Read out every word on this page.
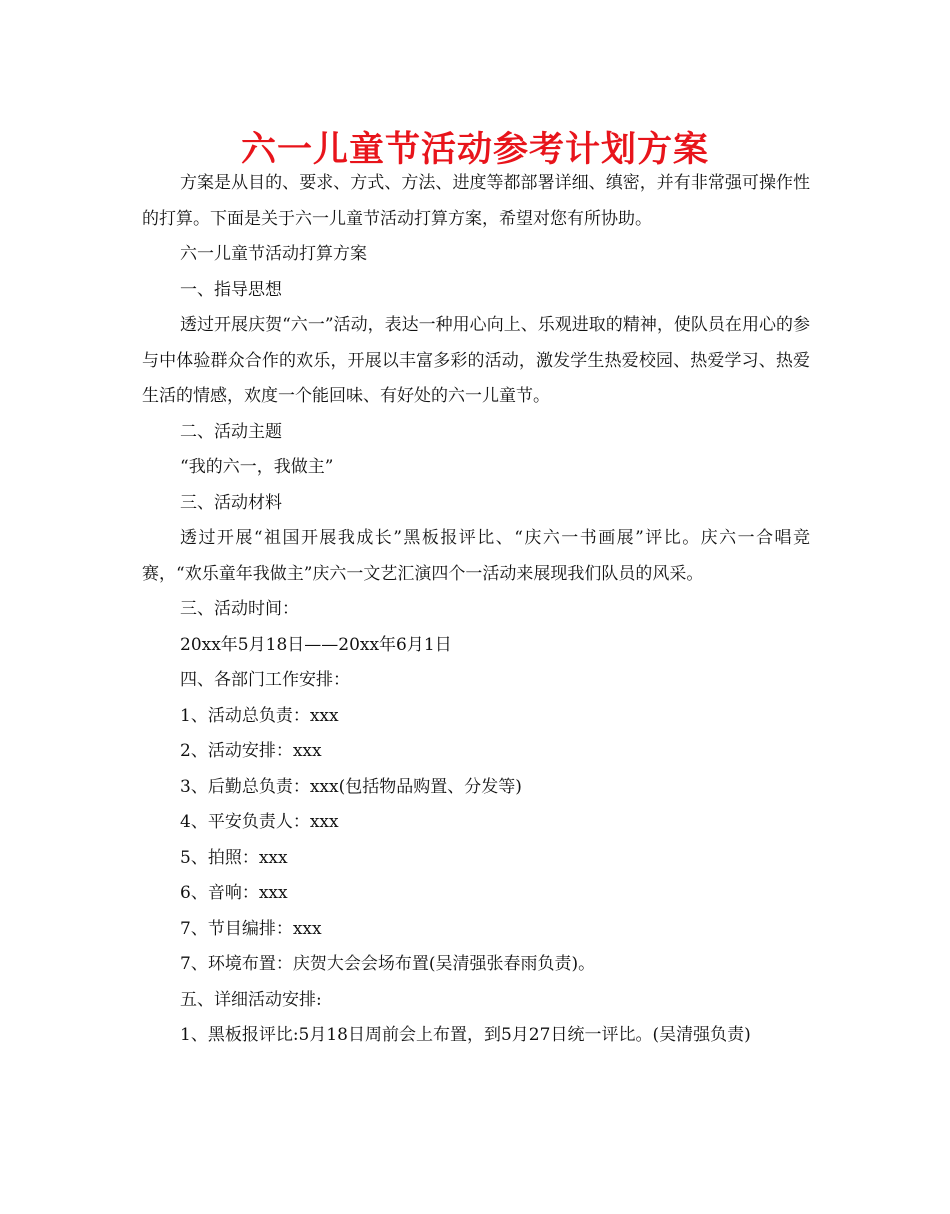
六一儿童节活动参考计划方案

方案是从目的、要求、方式、方法、进度等都部署详细、缜密，并有非常强可操作性的打算。下面是关于六一儿童节活动打算方案，希望对您有所协助。

六一儿童节活动打算方案

一、指导思想

透过开展庆贺“六一”活动，表达一种用心向上、乐观进取的精神，使队员在用心的参与中体验群众合作的欢乐，开展以丰富多彩的活动，激发学生热爱校园、热爱学习、热爱生活的情感，欢度一个能回味、有好处的六一儿童节。

二、活动主题

“我的六一，我做主”

三、活动材料

透过开展“祖国开展我成长”黑板报评比、“庆六一书画展”评比。庆六一合唱竞赛，“欢乐童年我做主”庆六一文艺汇演四个一活动来展现我们队员的风采。

三、活动时间：

20xx年5月18日——20xx年6月1日

四、各部门工作安排：

1、活动总负责：xxx

2、活动安排：xxx

3、后勤总负责：xxx(包括物品购置、分发等)

4、平安负责人：xxx

5、拍照：xxx

6、音响：xxx

7、节目编排：xxx

7、环境布置：庆贺大会会场布置(吴清强张春雨负责)。

五、详细活动安排:

1、黑板报评比:5月18日周前会上布置，到5月27日统一评比。(吴清强负责)
